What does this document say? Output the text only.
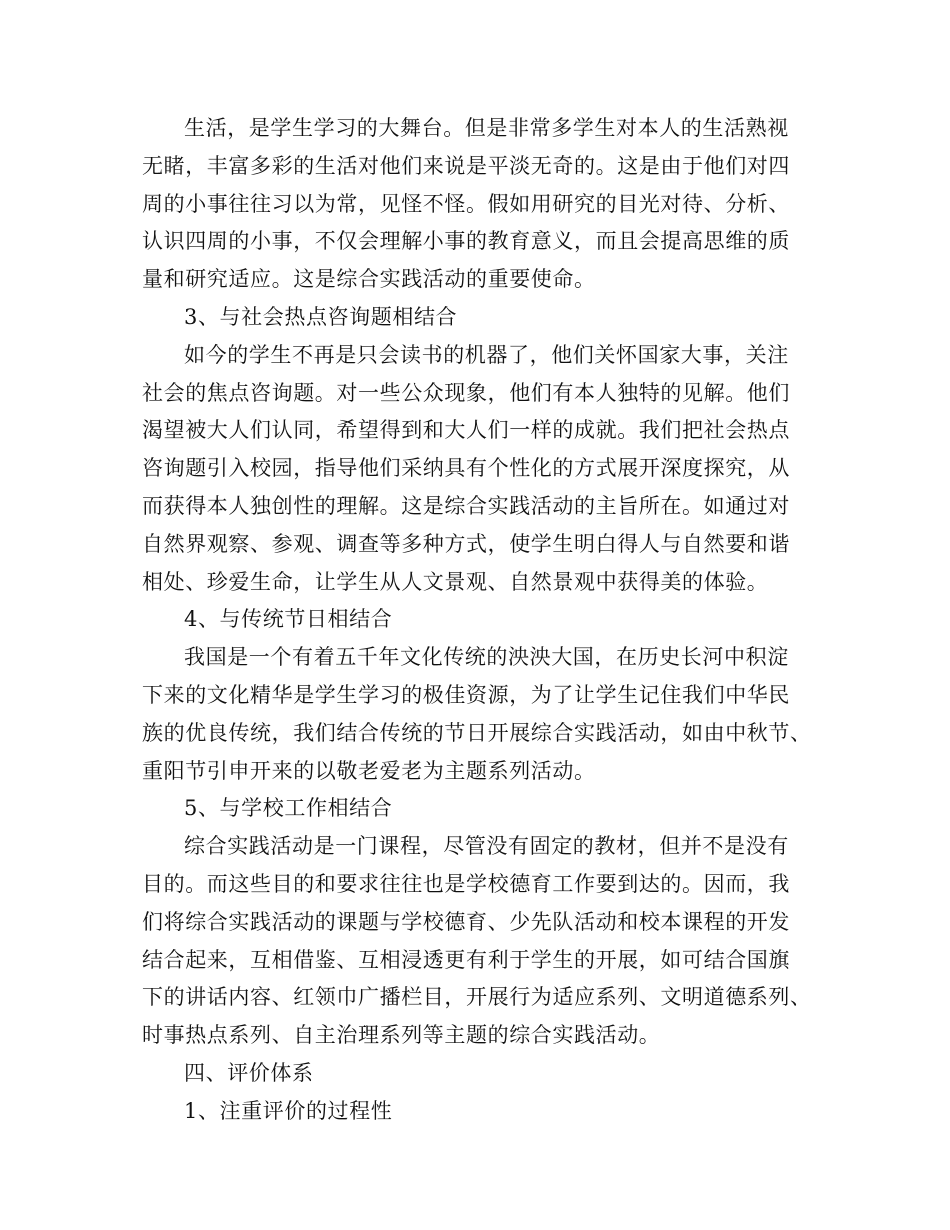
生活，是学生学习的大舞台。但是非常多学生对本人的生活熟视
无睹，丰富多彩的生活对他们来说是平淡无奇的。这是由于他们对四
周的小事往往习以为常，见怪不怪。假如用研究的目光对待、分析、
认识四周的小事，不仅会理解小事的教育意义，而且会提高思维的质
量和研究适应。这是综合实践活动的重要使命。
3、与社会热点咨询题相结合
如今的学生不再是只会读书的机器了，他们关怀国家大事，关注
社会的焦点咨询题。对一些公众现象，他们有本人独特的见解。他们
渴望被大人们认同，希望得到和大人们一样的成就。我们把社会热点
咨询题引入校园，指导他们采纳具有个性化的方式展开深度探究，从
而获得本人独创性的理解。这是综合实践活动的主旨所在。如通过对
自然界观察、参观、调查等多种方式，使学生明白得人与自然要和谐
相处、珍爱生命，让学生从人文景观、自然景观中获得美的体验。
4、与传统节日相结合
我国是一个有着五千年文化传统的泱泱大国，在历史长河中积淀
下来的文化精华是学生学习的极佳资源，为了让学生记住我们中华民
族的优良传统，我们结合传统的节日开展综合实践活动，如由中秋节、
重阳节引申开来的以敬老爱老为主题系列活动。
5、与学校工作相结合
综合实践活动是一门课程，尽管没有固定的教材，但并不是没有
目的。而这些目的和要求往往也是学校德育工作要到达的。因而，我
们将综合实践活动的课题与学校德育、少先队活动和校本课程的开发
结合起来，互相借鉴、互相浸透更有利于学生的开展，如可结合国旗
下的讲话内容、红领巾广播栏目，开展行为适应系列、文明道德系列、
时事热点系列、自主治理系列等主题的综合实践活动。
四、评价体系
1、注重评价的过程性
